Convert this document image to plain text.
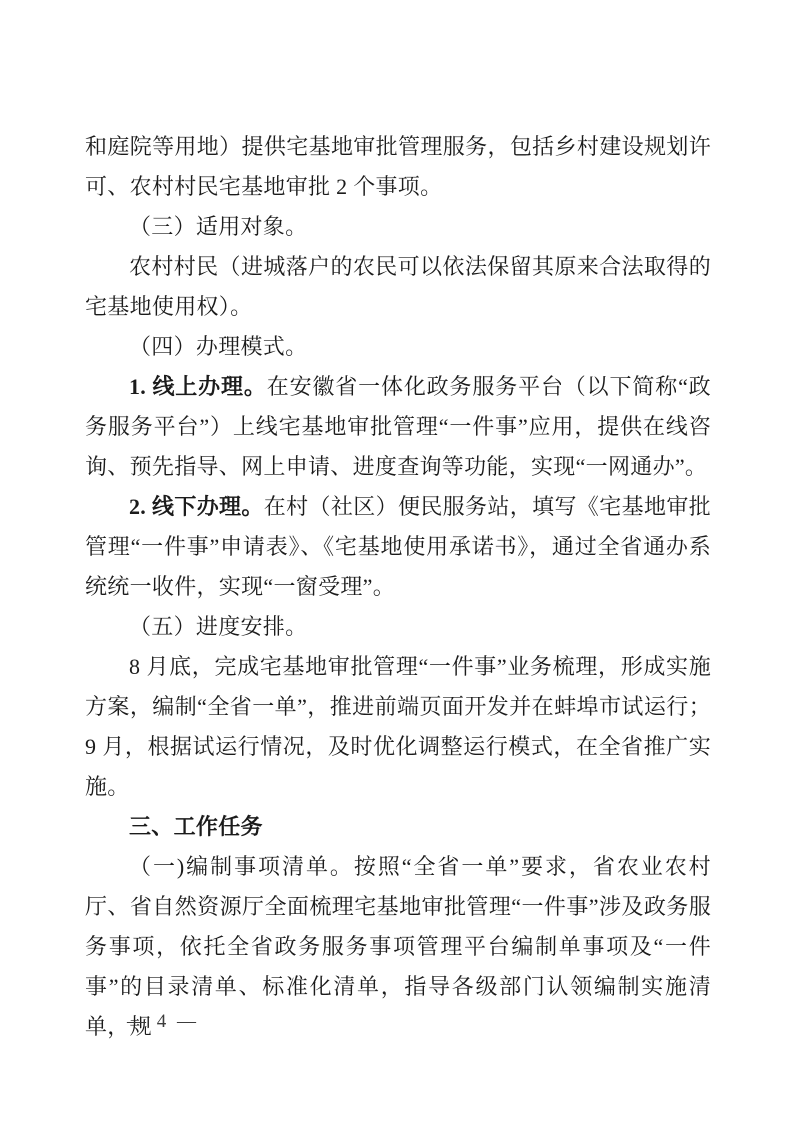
和庭院等用地）提供宅基地审批管理服务，包括乡村建设规划许可、农村村民宅基地审批 2 个事项。

（三）适用对象。

农村村民（进城落户的农民可以依法保留其原来合法取得的宅基地使用权）。

（四）办理模式。

1. 线上办理。在安徽省一体化政务服务平台（以下简称“政务服务平台”）上线宅基地审批管理“一件事”应用，提供在线咨询、预先指导、网上申请、进度查询等功能，实现“一网通办”。

2. 线下办理。在村（社区）便民服务站，填写《宅基地审批管理“一件事”申请表》、《宅基地使用承诺书》，通过全省通办系统统一收件，实现“一窗受理”。

（五）进度安排。

8 月底，完成宅基地审批管理“一件事”业务梳理，形成实施方案，编制“全省一单”，推进前端页面开发并在蚌埠市试运行；9 月，根据试运行情况，及时优化调整运行模式，在全省推广实施。

三、工作任务

（一)编制事项清单。按照“全省一单”要求，省农业农村厅、省自然资源厅全面梳理宅基地审批管理“一件事”涉及政务服务事项，依托全省政务服务事项管理平台编制单事项及“一件事”的目录清单、标准化清单，指导各级部门认领编制实施清单，规

— 4 —
